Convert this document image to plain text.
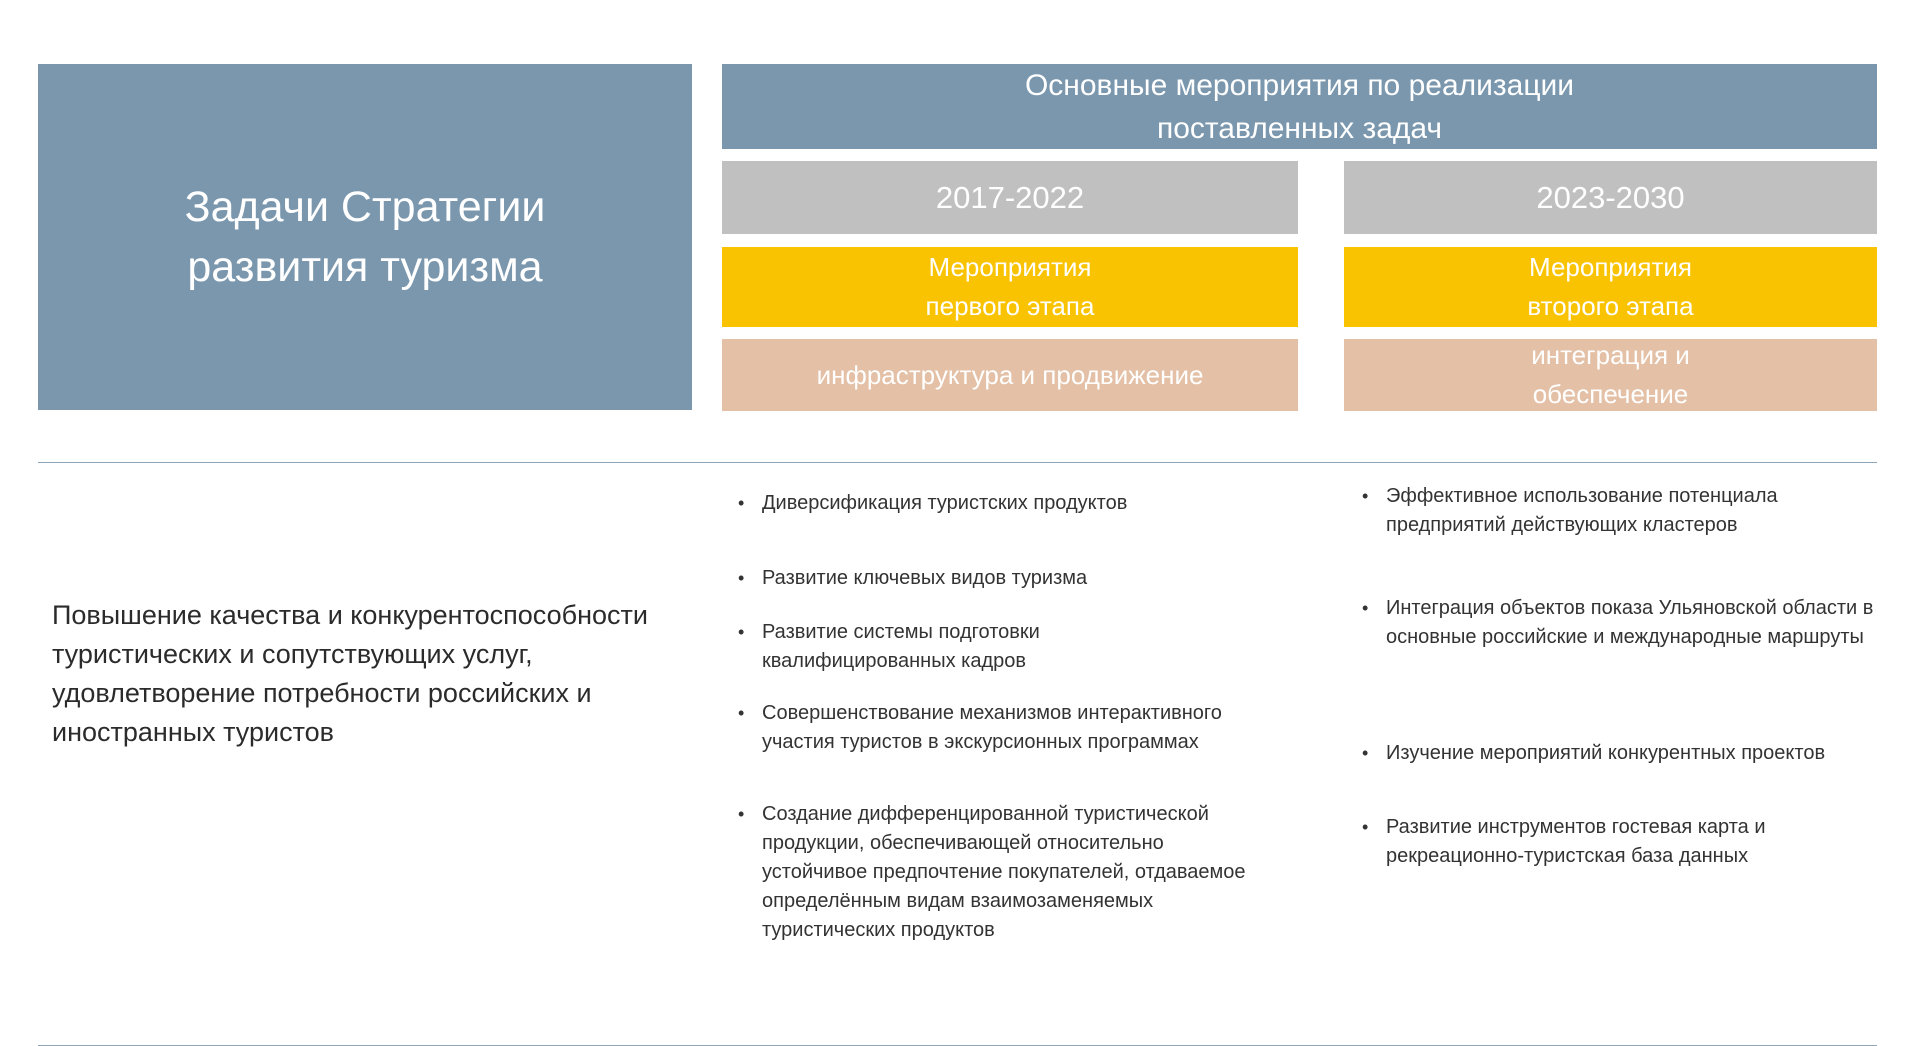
Задачи Стратегии
развития туризма
Основные мероприятия по реализации
поставленных задач
2017-2022	2023-2030
Мероприятия
первого этапа
Мероприятия
второго этапа
инфраструктура и продвижение
интеграция и
обеспечение

Повышение качества и конкурентоспособности туристических и сопутствующих услуг, удовлетворение потребности российских и иностранных туристов

• Диверсификация туристских продуктов
• Развитие ключевых видов туризма
• Развитие системы подготовки квалифицированных кадров
• Совершенствование механизмов интерактивного участия туристов в экскурсионных программах
• Создание дифференцированной туристической продукции, обеспечивающей относительно устойчивое предпочтение покупателей, отдаваемое определённым видам взаимозаменяемых туристических продуктов
• Эффективное использование потенциала предприятий действующих кластеров
• Интеграция объектов показа Ульяновской области в основные российские и международные маршруты
• Изучение мероприятий конкурентных проектов
• Развитие инструментов гостевая карта и рекреационно-туристская база данных
